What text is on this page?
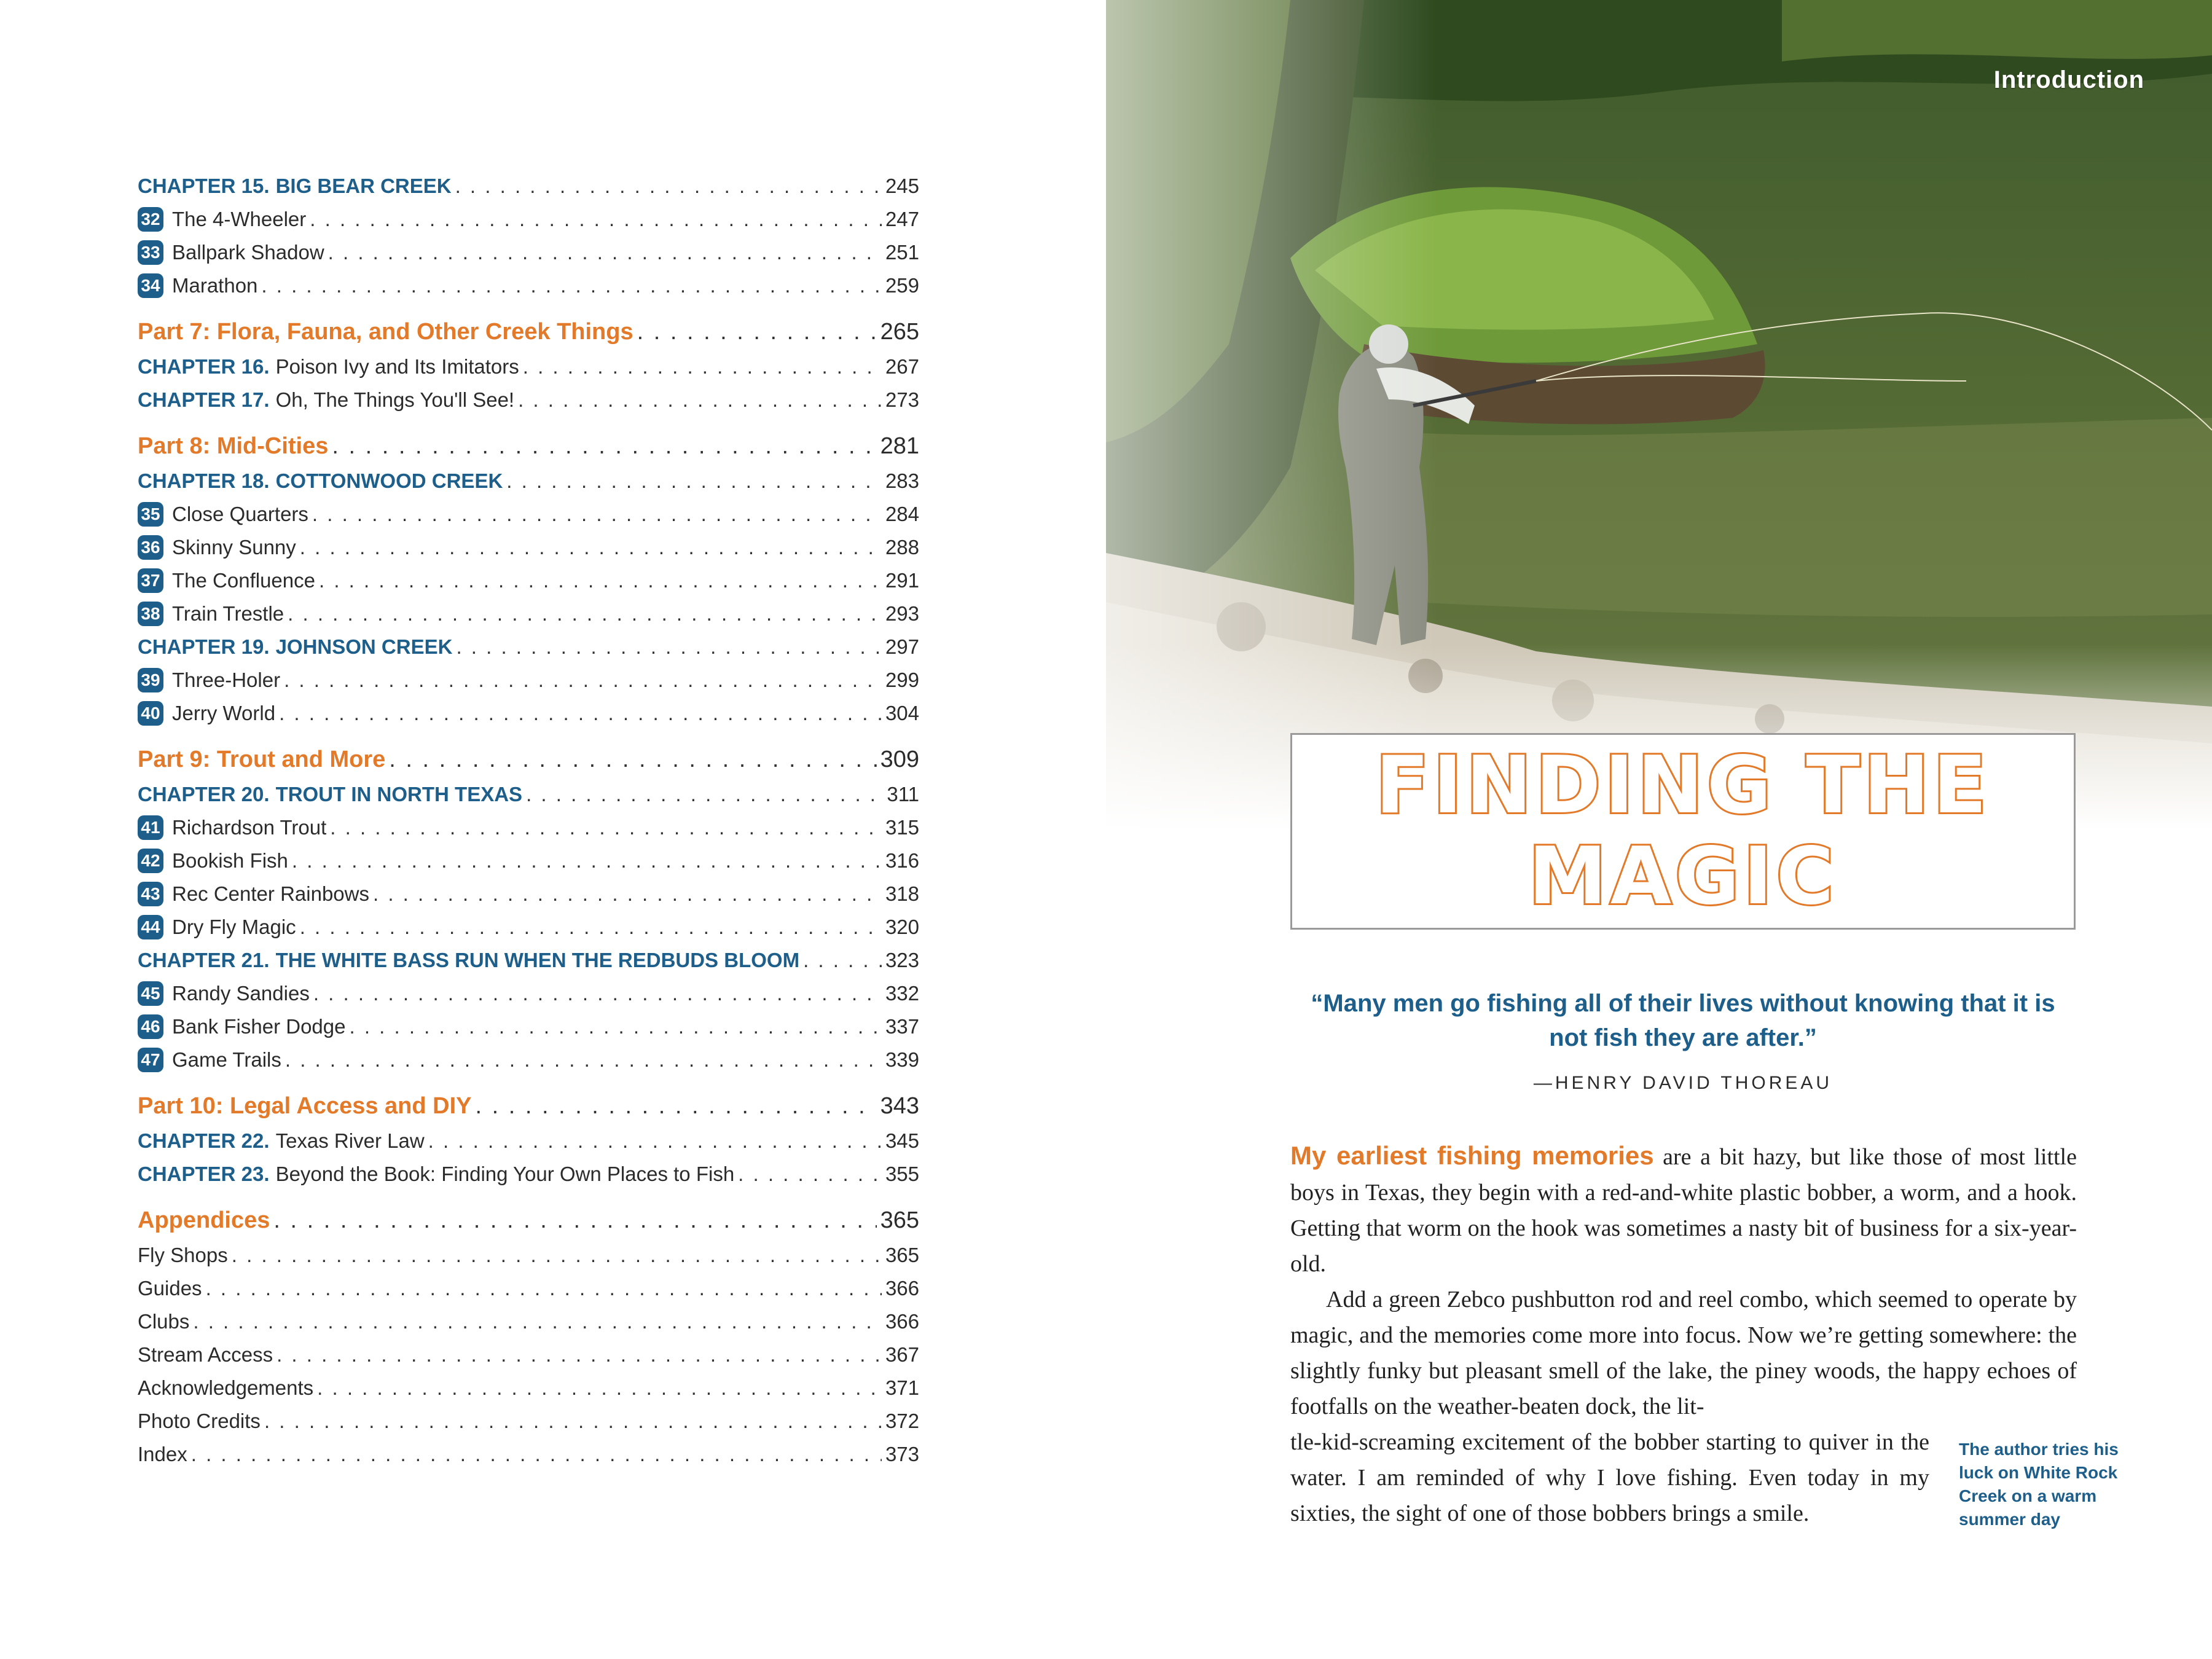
CHAPTER 15. BIG BEAR CREEK . . .	245
32 The 4-Wheeler . . .	247
33 Ballpark Shadow . . .	251
34 Marathon . . .	259
Part 7: Flora, Fauna, and Other Creek Things . . .	265
CHAPTER 16. Poison Ivy and Its Imitators . . .	267
CHAPTER 17. Oh, The Things You'll See! . . .	273
Part 8: Mid-Cities . . .	281
CHAPTER 18. COTTONWOOD CREEK . . .	283
35 Close Quarters . . .	284
36 Skinny Sunny . . .	288
37 The Confluence . . .	291
38 Train Trestle . . .	293
CHAPTER 19. JOHNSON CREEK . . .	297
39 Three-Holer . . .	299
40 Jerry World . . .	304
Part 9: Trout and More . . .	309
CHAPTER 20. TROUT IN NORTH TEXAS . . .	311
41 Richardson Trout . . .	315
42 Bookish Fish . . .	316
43 Rec Center Rainbows . . .	318
44 Dry Fly Magic . . .	320
CHAPTER 21. THE WHITE BASS RUN WHEN THE REDBUDS BLOOM . . .	323
45 Randy Sandies . . .	332
46 Bank Fisher Dodge . . .	337
47 Game Trails . . .	339
Part 10: Legal Access and DIY . . .	343
CHAPTER 22. Texas River Law . . .	345
CHAPTER 23. Beyond the Book: Finding Your Own Places to Fish . . .	355
Appendices . . .	365
Fly Shops . . .	365
Guides . . .	366
Clubs . . .	366
Stream Access . . .	367
Acknowledgements . . .	371
Photo Credits . . .	372
Index . . .	373
Introduction
FINDING THE
MAGIC
“Many men go fishing all of their lives without knowing that it is not fish they are after.”
—HENRY DAVID THOREAU

My earliest fishing memories are a bit hazy, but like those of most little boys in Texas, they begin with a red-and-white plastic bobber, a worm, and a hook. Getting that worm on the hook was sometimes a nasty bit of business for a six-year-old.

Add a green Zebco pushbutton rod and reel combo, which seemed to operate by magic, and the memories come more into focus. Now we’re getting somewhere: the slightly funky but pleasant smell of the lake, the piney woods, the happy echoes of footfalls on the weather-beaten dock, the lit-

tle-kid-screaming excitement of the bobber starting to quiver in the water. I am reminded of why I love fishing. Even today in my sixties, the sight of one of those bobbers brings a smile.

The author tries his luck on White Rock Creek on a warm summer day
